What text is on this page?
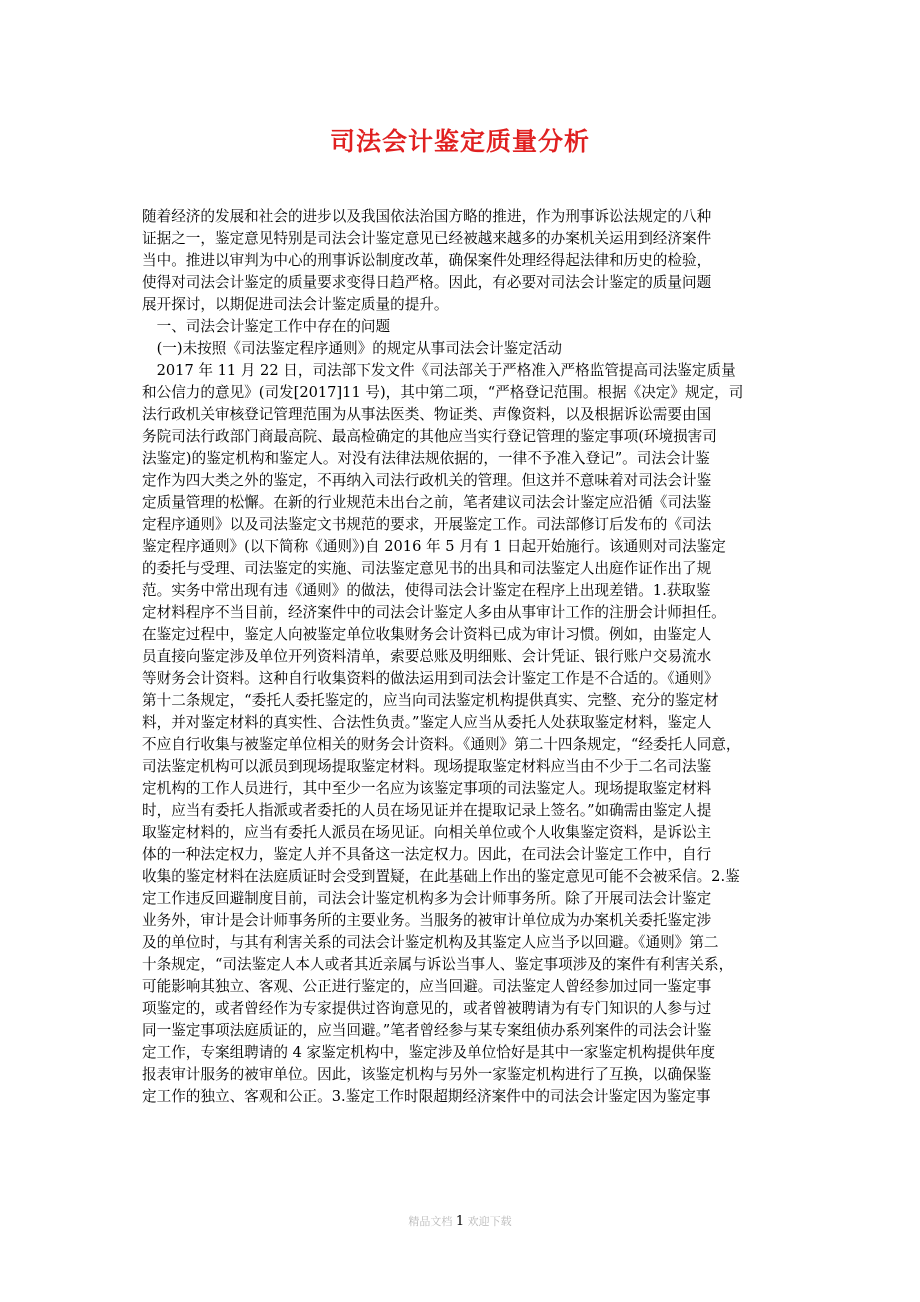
司法会计鉴定质量分析
随着经济的发展和社会的进步以及我国依法治国方略的推进，作为刑事诉讼法规定的八种
证据之一，鉴定意见特别是司法会计鉴定意见已经被越来越多的办案机关运用到经济案件
当中。推进以审判为中心的刑事诉讼制度改革，确保案件处理经得起法律和历史的检验，
使得对司法会计鉴定的质量要求变得日趋严格。因此，有必要对司法会计鉴定的质量问题
展开探讨，以期促进司法会计鉴定质量的提升。
　一、司法会计鉴定工作中存在的问题
　(一)未按照《司法鉴定程序通则》的规定从事司法会计鉴定活动
　2017 年 11 月 22 日，司法部下发文件《司法部关于严格准入严格监管提高司法鉴定质量
和公信力的意见》(司发[2017]11 号)，其中第二项，“严格登记范围。根据《决定》规定，司
法行政机关审核登记管理范围为从事法医类、物证类、声像资料，以及根据诉讼需要由国
务院司法行政部门商最高院、最高检确定的其他应当实行登记管理的鉴定事项(环境损害司
法鉴定)的鉴定机构和鉴定人。对没有法律法规依据的，一律不予准入登记”。司法会计鉴
定作为四大类之外的鉴定，不再纳入司法行政机关的管理。但这并不意味着对司法会计鉴
定质量管理的松懈。在新的行业规范未出台之前，笔者建议司法会计鉴定应沿循《司法鉴
定程序通则》以及司法鉴定文书规范的要求，开展鉴定工作。司法部修订后发布的《司法
鉴定程序通则》(以下简称《通则》)自 2016 年 5 月有 1 日起开始施行。该通则对司法鉴定
的委托与受理、司法鉴定的实施、司法鉴定意见书的出具和司法鉴定人出庭作证作出了规
范。实务中常出现有违《通则》的做法，使得司法会计鉴定在程序上出现差错。1.获取鉴
定材料程序不当目前，经济案件中的司法会计鉴定人多由从事审计工作的注册会计师担任。
在鉴定过程中，鉴定人向被鉴定单位收集财务会计资料已成为审计习惯。例如，由鉴定人
员直接向鉴定涉及单位开列资料清单，索要总账及明细账、会计凭证、银行账户交易流水
等财务会计资料。这种自行收集资料的做法运用到司法会计鉴定工作是不合适的。《通则》
第十二条规定，“委托人委托鉴定的，应当向司法鉴定机构提供真实、完整、充分的鉴定材
料，并对鉴定材料的真实性、合法性负责。”鉴定人应当从委托人处获取鉴定材料，鉴定人
不应自行收集与被鉴定单位相关的财务会计资料。《通则》第二十四条规定，“经委托人同意，
司法鉴定机构可以派员到现场提取鉴定材料。现场提取鉴定材料应当由不少于二名司法鉴
定机构的工作人员进行，其中至少一名应为该鉴定事项的司法鉴定人。现场提取鉴定材料
时，应当有委托人指派或者委托的人员在场见证并在提取记录上签名。”如确需由鉴定人提
取鉴定材料的，应当有委托人派员在场见证。向相关单位或个人收集鉴定资料，是诉讼主
体的一种法定权力，鉴定人并不具备这一法定权力。因此，在司法会计鉴定工作中，自行
收集的鉴定材料在法庭质证时会受到置疑，在此基础上作出的鉴定意见可能不会被采信。2.鉴
定工作违反回避制度目前，司法会计鉴定机构多为会计师事务所。除了开展司法会计鉴定
业务外，审计是会计师事务所的主要业务。当服务的被审计单位成为办案机关委托鉴定涉
及的单位时，与其有利害关系的司法会计鉴定机构及其鉴定人应当予以回避。《通则》第二
十条规定，“司法鉴定人本人或者其近亲属与诉讼当事人、鉴定事项涉及的案件有利害关系，
可能影响其独立、客观、公正进行鉴定的，应当回避。司法鉴定人曾经参加过同一鉴定事
项鉴定的，或者曾经作为专家提供过咨询意见的，或者曾被聘请为有专门知识的人参与过
同一鉴定事项法庭质证的，应当回避。”笔者曾经参与某专案组侦办系列案件的司法会计鉴
定工作，专案组聘请的 4 家鉴定机构中，鉴定涉及单位恰好是其中一家鉴定机构提供年度
报表审计服务的被审单位。因此，该鉴定机构与另外一家鉴定机构进行了互换，以确保鉴
定工作的独立、客观和公正。3.鉴定工作时限超期经济案件中的司法会计鉴定因为鉴定事
精品文档 1 欢迎下载
